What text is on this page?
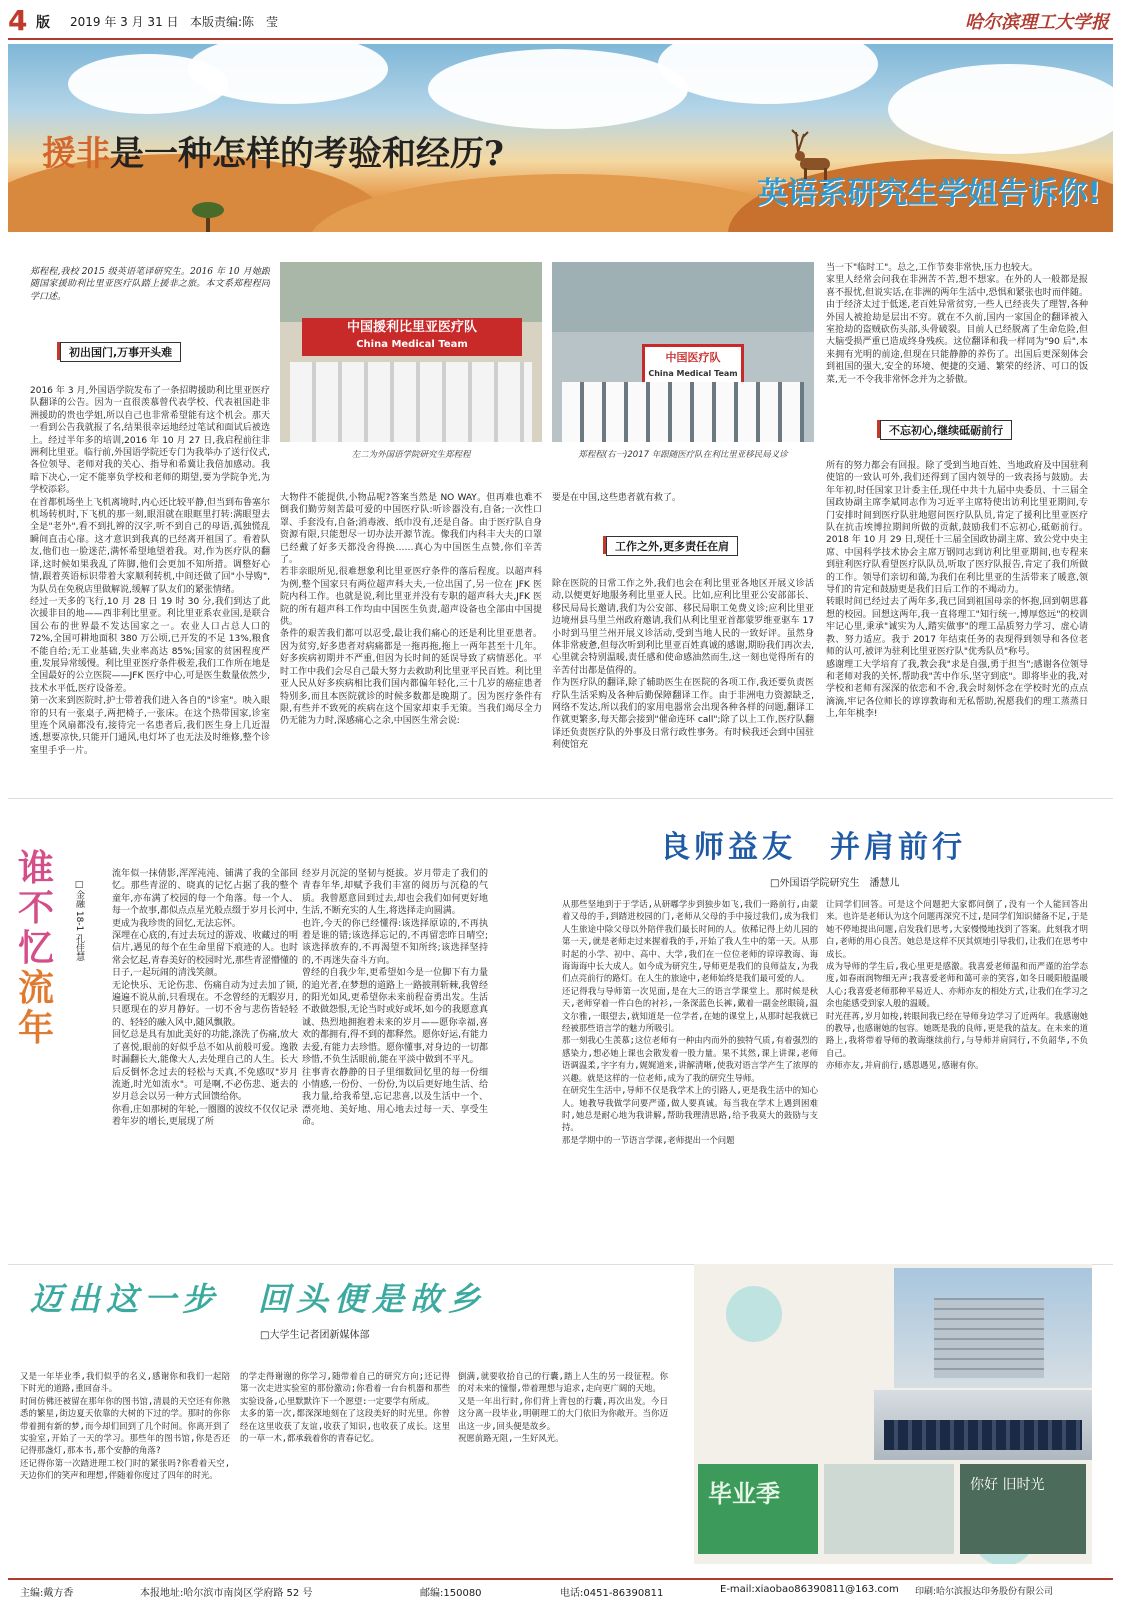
4 版 2019 年 3 月 31 日 本版责编:陈　莹	哈尔滨理工大学报
援非是一种怎样的考验和经历?
英语系研究生学姐告诉你!
郑程程,我校 2015 级英语笔译研究生。2016 年 10 月她跟随国家援助利比里亚医疗队踏上援非之旅。本文系郑程程同学口述。
初出国门,万事开头难
2016 年 3 月,外国语学院发布了一条招聘援助利比里亚医疗队翻译的公告。因为一直很羡慕曾代表学校、代表祖国赴非洲援助的贵也学姐,所以自己也非常希望能有这个机会。那天一看到公告我就报了名,结果很幸运地经过笔试和面试后被选上。经过半年多的培训,2016 年 10 月 27 日,我启程前往非洲利比里亚。临行前,外国语学院还专门为我举办了送行仪式,各位领导、老师对我的关心、指导和希冀让我倍加感动。我暗下决心,一定不能辜负学校和老师的期望,要为学院争光,为学校添彩。
在首都机场坐上飞机离境时,内心还比较平静,但当到布鲁塞尔机场转机时,下飞机的那一刻,眼泪就在眼眶里打转:满眼望去全是"老外",看不到扎辫的汉字,听不到自己的母语,孤独慌乱瞬间直击心扉。这才意识到我真的已经离开祖国了。看着队友,他们也一脸迷茫,满怀希望地望着我。对,作为医疗队的翻译,这时候如果我乱了阵脚,他们会更加不知所措。调整好心情,跟着英语标识带着大家顺利转机,中间还做了回"小导购",为队员在免税店里做解说,缓解了队友们的紧张情绪。
经过一天多的飞行,10 月 28 日 19 时 30 分,我们到达了此次援非目的地——西非利比里亚。利比里亚系农业国,是联合国公布的世界最不发达国家之一。农业人口占总人口的 72%,全国可耕地面积 380 万公顷,已开发的不足 13%,粮食不能自给;无工业基础,失业率高达 85%;国家的贫困程度严重,发展异常缓慢。利比里亚医疗条件极差,我们工作所在地是全国最好的公立医院——JFK 医疗中心,可是医生数量依然少,技术水平低,医疗设备差。
第一次来到医院时,护士带着我们进入各自的"诊室"。映入眼帘的只有一张桌子,两把椅子,一张床。在这个热带国家,诊室里连个风扇都没有,接待完一名患者后,我们医生身上几近湿透,想要凉快,只能开门通风,电灯坏了也无法及时维修,整个诊室里手乎一片。
中国援利比里亚医疗队
China Medical Team
左二为外国语学院研究生郑程程
中国医疗队
China Medical Team
郑程程(右一)2017 年跟随医疗队在利比里亚移民局义诊
大物件不能提供,小物品呢?答案当然是 NO WAY。但再难也难不倒我们勤劳刻苦最可爱的中国医疗队:听诊器没有,自备;一次性口罩、手套没有,自备;消毒液、纸巾没有,还是自备。由于医疗队自身资源有限,只能想尽一切办法开源节流。像我们内科丰大夫的口罩已经戴了好多天都没舍得换……真心为中国医生点赞,你们辛苦了。
若非亲眼所见,很难想象利比里亚医疗条件的落后程度。以超声科为例,整个国家只有两位超声科大夫,一位出国了,另一位在 JFK 医院内科工作。也就是说,利比里亚并没有专职的超声科大夫,JFK 医院的所有超声科工作均由中国医生负责,超声设备也全部由中国提供。
条件的艰苦我们都可以忍受,最让我们痛心的还是利比里亚患者。因为贫穷,好多患者对病痛都是一拖再拖,拖上一两年甚至十几年。好多疾病初期并不严重,但因为长时间的延误导致了病情恶化。平时工作中我们会尽自己最大努力去救助利比里亚平民百姓。利比里亚人民从好多疾病相比我们国内都偏年轻化,三十几岁的癌症患者特别多,而且本医院就诊的时候多数都是晚期了。因为医疗条件有限,有些并不致死的疾病在这个国家却束手无策。当我们竭尽全力仍无能为力时,深感痛心之余,中国医生常会说:
要是在中国,这些患者就有救了。
工作之外,更多责任在肩
除在医院的日常工作之外,我们也会在利比里亚各地区开展义诊活动,以便更好地服务利比里亚人民。比如,应利比里亚公安部部长、移民局局长邀请,我们为公安部、移民局职工免费义诊;应利比里亚边境州县马里兰州政府邀请,我们从利比里亚首都蒙罗维亚驱车 17 小时到马里兰州开展义诊活动,受到当地人民的一致好评。虽然身体非常疲惫,但每次听到利比里亚百姓真诚的感谢,期盼我们再次去,心里就会特别温暖,责任感和使命感油然而生,这一刻也觉得所有的辛苦付出都是值得的。
作为医疗队的翻译,除了辅助医生在医院的各项工作,我还要负责医疗队生活采购及各种后勤保障翻译工作。由于非洲电力资源缺乏,网络不发达,所以我们的家用电器常会出现各种各样的问题,翻译工作就更繁多,每天都会接到"催命连环 call";除了以上工作,医疗队翻译还负责医疗队的外事及日常行政性事务。有时候我还会到中国驻利使馆充
当一下"临时工"。总之,工作节奏非常快,压力也较大。
家里人经常会问我在非洲苦不苦,想不想家。在外的人一般都是报喜不报忧,但说实话,在非洲的两年生活中,恐惧和紧张也时而伴随。由于经济太过于低迷,老百姓异常贫穷,一些人已经丧失了理智,各种外国人被抢劫是层出不穷。就在不久前,国内一家国企的翻译被入室抢劫的盗贼砍伤头部,头骨破裂。目前人已经脱离了生命危险,但大脑受损严重已造成终身残疾。这位翻译和我一样同为"90 后",本来拥有光明的前途,但现在只能静静的养伤了。出国后更深刻体会到祖国的强大,安全的环境、便捷的交通、繁荣的经济、可口的饭菜,无一不令我非常怀念并为之骄傲。
不忘初心,继续砥砺前行
所有的努力都会有回报。除了受到当地百姓、当地政府及中国驻利使馆的一致认可外,我们还得到了国内领导的一致表扬与鼓励。去年年初,时任国家卫计委主任,现任中共十九届中央委员、十三届全国政协副主席李斌同志作为习近平主席特使出访利比里亚期间,专门安排时间到医疗队驻地慰问医疗队队员,肯定了援利比里亚医疗队在抗击埃博拉期间所做的贡献,鼓励我们不忘初心,砥砺前行。2018 年 10 月 29 日,现任十三届全国政协副主席、致公党中央主席、中国科学技术协会主席万钢同志到访利比里亚期间,也专程来到驻利医疗队看望医疗队队员,听取了医疗队报告,肯定了我们所做的工作。领导们亲切和蔼,为我们在利比里亚的生活带来了暖意,领导们的肯定和鼓励更是我们日后工作的不竭动力。
转眼时间已经过去了两年多,我已回到祖国母亲的怀抱,回到朝思暮想的校园。回想这两年,我一直将理工"知行统一,博厚悠远"的校训牢记心里,秉承"诚实为人,踏实做事"的理工品质努力学习、虚心请教、努力适应。我于 2017 年结束任务的表现得到领导和各位老师的认可,被评为驻利比里亚医疗队"优秀队员"称号。
感谢理工大学培育了我,教会我"求是自强,勇于担当";感谢各位领导和老师对我的关怀,帮助我"苦中作乐,坚守到底"。即将毕业的我,对学校和老师有深深的依恋和不舍,我会时刻怀念在学校时光的点点滴滴,牢记各位师长的谆谆教诲和无私帮助,祝愿我们的理工蒸蒸日上,年年桃李!
谁不忆
流年
□金融 18-1 孔佳慧
流年似一抹倩影,浑浑沌沌、铺满了我的全部回忆。那些青涩的、晓真的记忆占据了我的整个童年,亦布满了校园的每一个角落。每一个人、每一个故事,都似点点星光般点缀于岁月长河中,更成为我珍贵的回忆,无法忘怀。
深埋在心底的,有过去玩过的游戏、收藏过的明信片,遇见的每个在生命里留下痕迹的人。也时常会忆起,青春美好的校园时光,那些青涩懵懂的日子,一起玩闹的清浅笑颜。
无论快乐、无论伤悲、伤痛自动为过去加了锁,遍遍不说从前,只看现在。不念曾经的无暇岁月,只愿现在的岁月静好。一切不舍与悲伤皆轻轻的、轻轻的融入风中,随风飘散。
回忆总是具有加此美好的功能,涤洗了伤痛,放大了喜悦,眼前的好似乎总不如从前般可爱。逸散时漏翻长大,能像大人,去处理自己的人生。长大后反倒怀念过去的轻松与天真,不免感叹"岁月流逝,时光如流水"。可是啊,不必伤悲、逝去的岁月总会以另一种方式回馈给你。
你看,庄如那树的年轮,一圈圈的波纹不仅仅记录着年岁的增长,更展现了所
经岁月沉淀的坚韧与挺拔。岁月带走了我们的青春年华,却赋予我们丰富的阅历与沉稳的气质。我曾愿意回到过去,却也会我们如何更好地生活,不断充实的人生,将选择走向圆满。
也许,今天的你已经懂得:该选择原谅的,不再执着是谁的错;该选择忘记的,不再留恋昨日晴空;该选择放弃的,不再渴望不知所终;该选择坚持的,不再迷失奋斗方向。
曾经的自我少年,更希望如今是一位脚下有力量的追光者,在梦想的道路上一路披荆斩棘,我曾经的阳光如风,更希望你未来前程奋勇出发。生活不敢做怨恨,无论当时或好或坏,如今的我愿意真诚、热烈地拥抱着未来的岁月——愿你幸福,喜欢的都拥有,得不到的都释然。愿你好运,有能力去爱,有能力去珍惜。愿你懂事,对身边的一切都珍惜,不负生活眼前,能在平淡中做到不平凡。
往事青衣静静的日子里细数回忆里的每一份细小情感,一份份、一份份,为以后更好地生活、给我力量,给我希望,忘记悲喜,以及生活中一个、漂亮地、美好地、用心地去过每一天、享受生命。
良师益友　并肩前行
□外国语学院研究生　潘慧儿
从那些坚地到于于学话,从研嘟学步到独步如飞,我们一路前行,由蒙着又母的手,到踏进校园的门,老师从父母的手中接过我们,成为我们人生旅途中除父母以外陪伴我们最长时间的人。依稀记得上幼儿园的第一天,就是老师走过来握着我的手,开始了我人生中的第一天。从那时起的小学、初中、高中、大学,我们在一位位老师的谆谆教诲、诲诲诲诲中长大成人。如今成为研究生,导师更是我们的良师益友,为我们点亮前行的路灯。在人生的旅途中,老师始终是我们最可爱的人。
还记得我与导师第一次见面,是在大三的语言学课堂上。那时候是秋天,老师穿着一件白色的衬衫,一条深蓝色长裤,戴着一副金丝眼镜,温文尔雅,一眼望去,就知道是一位学者,在她的课堂上,从那时起我就已经被那些语言学的魅力所吸引。
那一刻我心生羡慕;这位老师有一种由内而外的独特气质,有着强烈的感染力,想必她上课也会散发着一股力量。果不其然,课上讲课,老师语调温柔,字字有力,娓娓道来,讲解清晰,使我对语言学产生了浓厚的兴趣。就是这样的一位老师,成为了我的研究生导师。
在研究生生活中,导师不仅是我学术上的引路人,更是我生活中的知心人。她教导我做学问要严谨,做人要真诚。每当我在学术上遇到困难时,她总是耐心地为我讲解,帮助我理清思路,给予我莫大的鼓励与支持。
那是学期中的一节语言学课,老师提出一个问题
让同学们回答。可是这个问题把大家都问倒了,没有一个人能回答出来。也许是老师认为这个问题再深究不过,是同学们知识储备不足,于是她不停地提出问题,启发我们思考,大家慢慢地找到了答案。此刻我才明白,老师的用心良苦。她总是这样不厌其烦地引导我们,让我们在思考中成长。
成为导师的学生后,我心里更是感激。我喜爱老师温和而严谨的治学态度,如春雨润物细无声;我喜爱老师和蔼可亲的笑容,如冬日暖阳般温暖人心;我喜爱老师那种平易近人、亦师亦友的相处方式,让我们在学习之余也能感受到家人般的温暖。
时光荏苒,岁月如梭,转眼间我已经在导师身边学习了近两年。我感谢她的教导,也感谢她的包容。她既是我的良师,更是我的益友。在未来的道路上,我将带着导师的教诲继续前行,与导师并肩同行,不负韶华,不负自己。
亦师亦友,并肩前行,感恩遇见,感谢有你。
迈出这一步　回头便是故乡
□大学生记者团新媒体部
又是一年毕业季,我们似乎的名义,感谢你和我们一起陪下时光的道路,重回奋斗。
时间仿佛还被留在那年你的图书馆,清晨的天空还有你熟悉的繁星,街边夏天依靠的大树的下过的学。那时的你你带着拥有新的梦,而今却们回到了几个时间。你离开到了实验室,开始了一天的学习。那些年的图书馆,你是否还记得那盏灯,那本书,那个安静的角落?
还记得你第一次踏进理工校门时的紧张吗?你看着天空,天边你们的笑声和理想,伴随着你度过了四年的时光。
的学走得谢谢的你学习,随带着自己的研究方向;还记得第一次走进实验室的那份激动;你看着一台台机器和那些实验设备,心里默默许下一个愿望:一定要学有所成。
太多的第一次,都深深地刻在了这段美好的时光里。你曾经在这里收获了友谊,收获了知识,也收获了成长。这里的一草一木,都承载着你的青春记忆。
倒满,就要收拾自己的行囊,踏上人生的另一段征程。你的对未来的憧憬,带着理想与追求,走向更广阔的天地。
又是一年出行时,你们背上背包的行囊,再次出发。今日这分离一段毕业,明朝理工的大门依旧为你敞开。当你迈出这一步,回头便是故乡。
祝愿前路无阻,一生好风光。
毕业季	你好 旧时光
主编:戴方香	本报地址:哈尔滨市南岗区学府路 52 号	邮编:150080	电话:0451-86390811	E-mail:xiaobao86390811@163.com 印刷:哈尔滨报达印务股份有限公司
